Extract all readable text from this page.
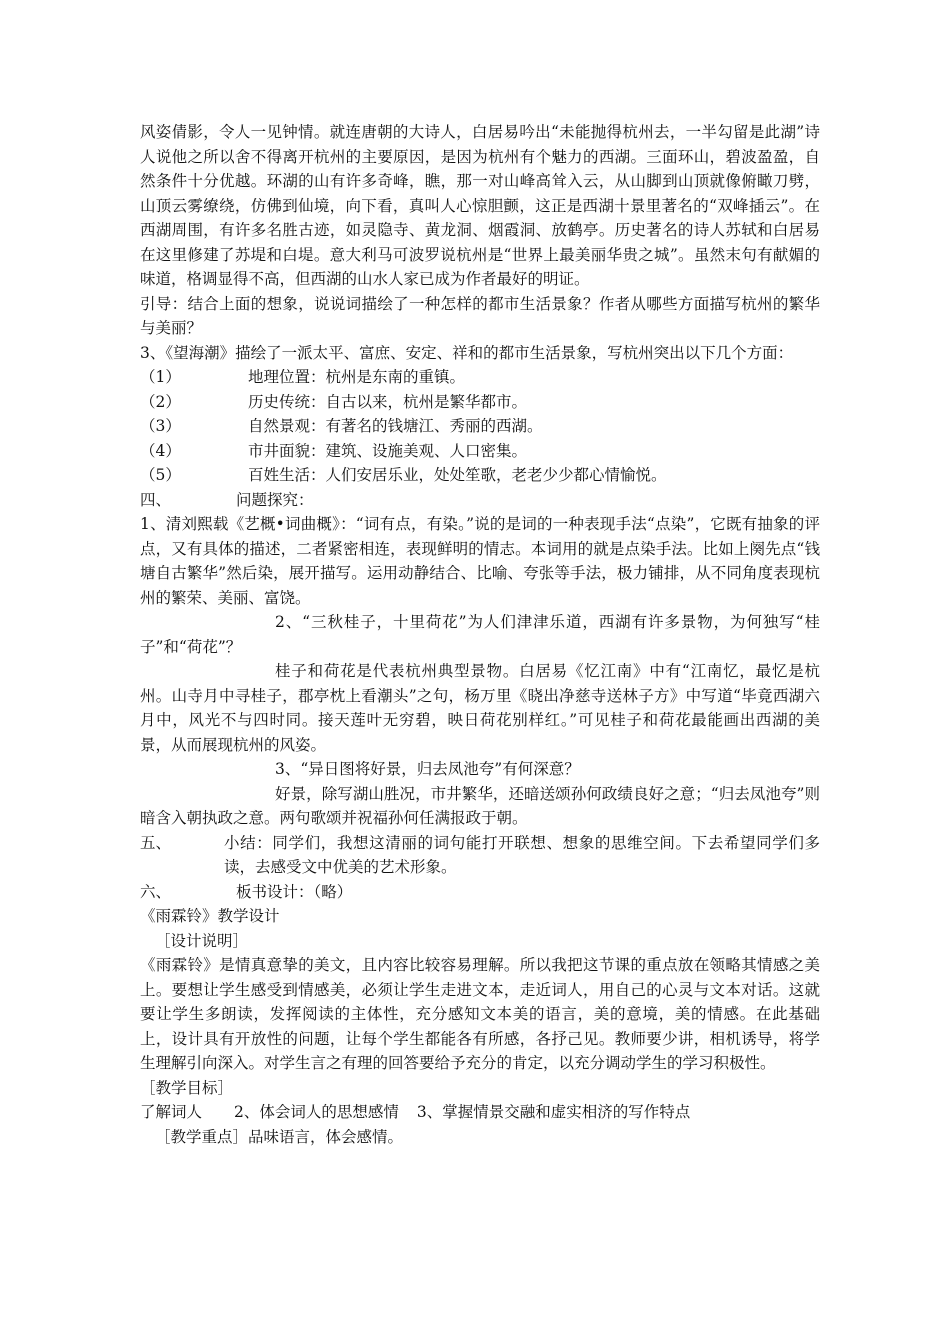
风姿倩影，令人一见钟情。就连唐朝的大诗人，白居易吟出“未能抛得杭州去，一半勾留是此湖”诗人说他之所以舍不得离开杭州的主要原因，是因为杭州有个魅力的西湖。三面环山，碧波盈盈，自然条件十分优越。环湖的山有许多奇峰，瞧，那一对山峰高耸入云，从山脚到山顶就像俯瞰刀劈，山顶云雾缭绕，仿佛到仙境，向下看，真叫人心惊胆颤，这正是西湖十景里著名的“双峰插云”。在西湖周围，有许多名胜古迹，如灵隐寺、黄龙洞、烟霞洞、放鹤亭。历史著名的诗人苏轼和白居易在这里修建了苏堤和白堤。意大利马可波罗说杭州是“世界上最美丽华贵之城”。虽然末句有献媚的味道，格调显得不高，但西湖的山水人家已成为作者最好的明证。

引导：结合上面的想象，说说词描绘了一种怎样的都市生活景象？作者从哪些方面描写杭州的繁华与美丽？

3、《望海潮》描绘了一派太平、富庶、安定、祥和的都市生活景象，写杭州突出以下几个方面：

（1）	地理位置：杭州是东南的重镇。
（2）	历史传统：自古以来，杭州是繁华都市。
（3）	自然景观：有著名的钱塘江、秀丽的西湖。
（4）	市井面貌：建筑、设施美观、人口密集。
（5）	百姓生活：人们安居乐业，处处笙歌，老老少少都心情愉悦。
四、	问题探究：

1、清刘熙载《艺概•词曲概》：“词有点，有染。”说的是词的一种表现手法“点染”，它既有抽象的评点，又有具体的描述，二者紧密相连，表现鲜明的情志。本词用的就是点染手法。比如上阕先点“钱塘自古繁华”然后染，展开描写。运用动静结合、比喻、夸张等手法，极力铺排，从不同角度表现杭州的繁荣、美丽、富饶。

2、“三秋桂子，十里荷花”为人们津津乐道，西湖有许多景物，为何独写“桂子”和“荷花”？

桂子和荷花是代表杭州典型景物。白居易《忆江南》中有“江南忆，最忆是杭州。山寺月中寻桂子，郡亭枕上看潮头”之句，杨万里《晓出净慈寺送林子方》中写道“毕竟西湖六月中，风光不与四时同。接天莲叶无穷碧，映日荷花别样红。”可见桂子和荷花最能画出西湖的美景，从而展现杭州的风姿。

3、“异日图将好景，归去凤池夸”有何深意？

好景，除写湖山胜况，市井繁华，还暗送颂孙何政绩良好之意；“归去凤池夸”则暗含入朝执政之意。两句歌颂并祝福孙何任满报政于朝。

五、	小结：同学们，我想这清丽的词句能打开联想、想象的思维空间。下去希望同学们多读，去感受文中优美的艺术形象。
六、	板书设计：（略）

《雨霖铃》教学设计

［设计说明］

《雨霖铃》是情真意挚的美文，且内容比较容易理解。所以我把这节课的重点放在领略其情感之美上。要想让学生感受到情感美，必须让学生走进文本，走近词人，用自己的心灵与文本对话。这就要让学生多朗读，发挥阅读的主体性，充分感知文本美的语言，美的意境，美的情感。在此基础上，设计具有开放性的问题，让每个学生都能各有所感，各抒己见。教师要少讲，相机诱导，将学生理解引向深入。对学生言之有理的回答要给予充分的肯定，以充分调动学生的学习积极性。

［教学目标］

了解词人 2、体会词人的思想感情 3、掌握情景交融和虚实相济的写作特点

［教学重点］品味语言，体会感情。
